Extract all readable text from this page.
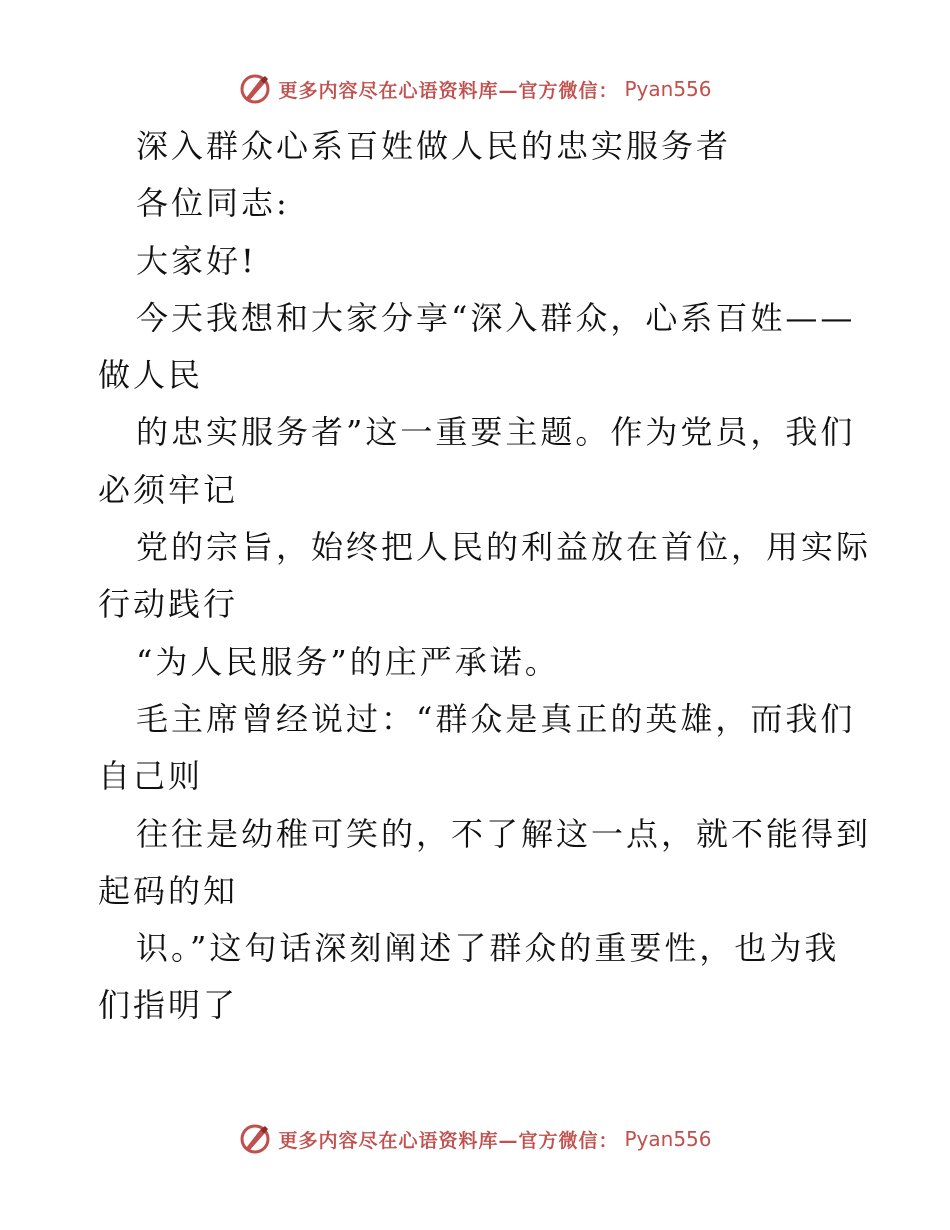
更多内容尽在心语资料库—官方微信： Pyan556
深入群众心系百姓做人民的忠实服务者
各位同志:
大家好!
今天我想和大家分享“深入群众，心系百姓——
做人民
的忠实服务者”这一重要主题。作为党员，我们
必须牢记
党的宗旨，始终把人民的利益放在首位，用实际
行动践行
“为人民服务”的庄严承诺。
毛主席曾经说过：“群众是真正的英雄，而我们
自己则
往往是幼稚可笑的，不了解这一点，就不能得到
起码的知
识。”这句话深刻阐述了群众的重要性，也为我
们指明了
更多内容尽在心语资料库—官方微信： Pyan556
